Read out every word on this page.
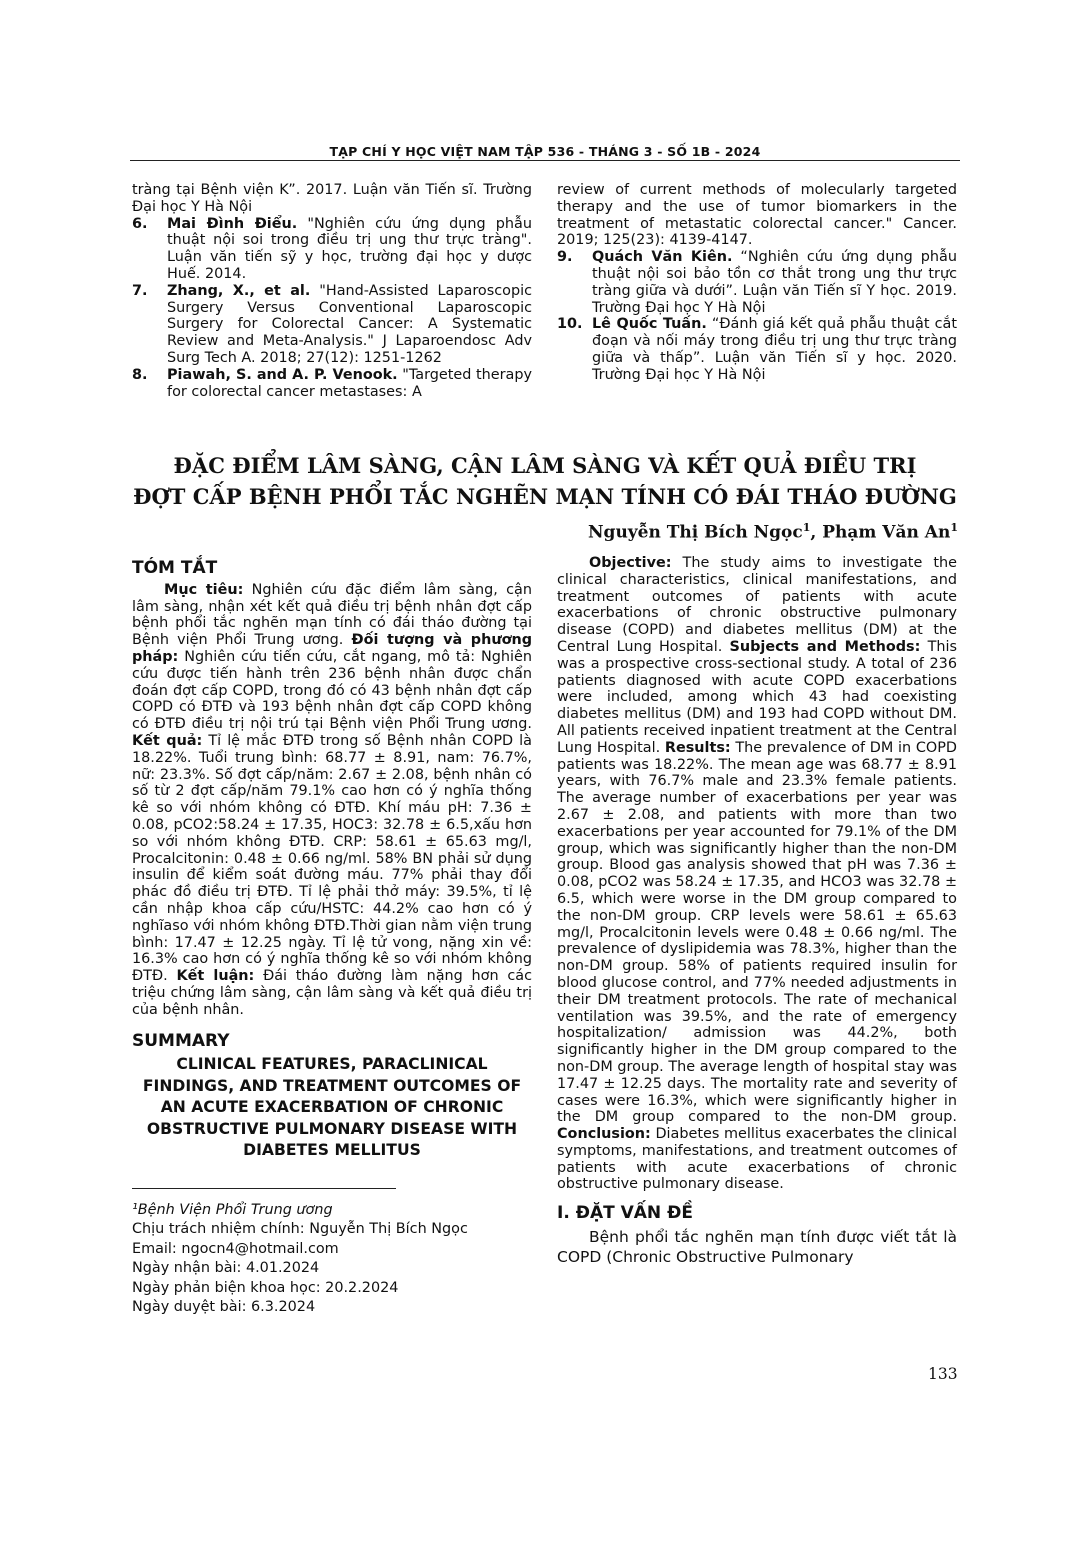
TẠP CHÍ Y HỌC VIỆT NAM TẬP 536 - THÁNG 3 - SỐ 1B - 2024

tràng tại Bệnh viện K”. 2017. Luận văn Tiến sĩ. Trường Đại học Y Hà Nội

6.	Mai Đình Điểu. "Nghiên cứu ứng dụng phẫu thuật nội soi trong điều trị ung thư trực tràng". Luận văn tiến sỹ y học, trường đại học y dược Huế. 2014.
7.	Zhang, X., et al. "Hand-Assisted Laparoscopic Surgery Versus Conventional Laparoscopic Surgery for Colorectal Cancer: A Systematic Review and Meta-Analysis." J Laparoendosc Adv Surg Tech A. 2018; 27(12): 1251-1262
8.	Piawah, S. and A. P. Venook. "Targeted therapy for colorectal cancer metastases: A

review of current methods of molecularly targeted therapy and the use of tumor biomarkers in the treatment of metastatic colorectal cancer." Cancer. 2019; 125(23): 4139-4147.

9.	Quách Văn Kiên. “Nghiên cứu ứng dụng phẫu thuật nội soi bảo tồn cơ thắt trong ung thư trực tràng giữa và dưới”. Luận văn Tiến sĩ Y học. 2019. Trường Đại học Y Hà Nội
10. Lê Quốc Tuấn. “Đánh giá kết quả phẫu thuật cắt đoạn và nối máy trong điều trị ung thư trực tràng giữa và thấp”. Luận văn Tiến sĩ y học. 2020. Trường Đại học Y Hà Nội
ĐẶC ĐIỂM LÂM SÀNG, CẬN LÂM SÀNG VÀ KẾT QUẢ ĐIỀU TRỊ
ĐỢT CẤP BỆNH PHỔI TẮC NGHẼN MẠN TÍNH CÓ ĐÁI THÁO ĐƯỜNG
Nguyễn Thị Bích Ngọc$^1$, Phạm Văn An$^1$
TÓM TẮT

Mục tiêu: Nghiên cứu đặc điểm lâm sàng, cận lâm sàng, nhận xét kết quả điều trị bệnh nhân đợt cấp bệnh phổi tắc nghẽn mạn tính có đái tháo đường tại Bệnh viện Phổi Trung ương. Đối tượng và phương pháp: Nghiên cứu tiến cứu, cắt ngang, mô tả: Nghiên cứu được tiến hành trên 236 bệnh nhân được chẩn đoán đợt cấp COPD, trong đó có 43 bệnh nhân đợt cấp COPD có ĐTĐ và 193 bệnh nhân đợt cấp COPD không có ĐTĐ điều trị nội trú tại Bệnh viện Phổi Trung ương. Kết quả: Tỉ lệ mắc ĐTĐ trong số Bệnh nhân COPD là 18.22%. Tuổi trung bình: 68.77 ± 8.91, nam: 76.7%, nữ: 23.3%. Số đợt cấp/năm: 2.67 ± 2.08, bệnh nhân có số từ 2 đợt cấp/năm 79.1% cao hơn có ý nghĩa thống kê so với nhóm không có ĐTĐ. Khí máu pH: 7.36 ± 0.08, pCO2:58.24 ± 17.35, HOC3: 32.78 ± 6.5,xấu hơn so với nhóm không ĐTĐ. CRP: 58.61 ± 65.63 mg/l, Procalcitonin: 0.48 ± 0.66 ng/ml. 58% BN phải sử dụng insulin để kiểm soát đường máu. 77% phải thay đổi phác đồ điều trị ĐTĐ. Tỉ lệ phải thở máy: 39.5%, tỉ lệ cần nhập khoa cấp cứu/HSTC: 44.2% cao hơn có ý nghĩaso với nhóm không ĐTĐ.Thời gian nằm viện trung bình: 17.47 ± 12.25 ngày. Tỉ lệ tử vong, nặng xin về: 16.3% cao hơn có ý nghĩa thống kê so với nhóm không ĐTĐ. Kết luận: Đái tháo đường làm nặng hơn các triệu chứng lâm sàng, cận lâm sàng và kết quả điều trị của bệnh nhân.

SUMMARY
CLINICAL FEATURES, PARACLINICAL FINDINGS, AND TREATMENT OUTCOMES OF AN ACUTE EXACERBATION OF CHRONIC OBSTRUCTIVE PULMONARY DISEASE WITH DIABETES MELLITUS

¹Bệnh Viện Phổi Trung ương

Chịu trách nhiệm chính: Nguyễn Thị Bích Ngọc

Email: ngocn4@hotmail.com

Ngày nhận bài: 4.01.2024

Ngày phản biện khoa học: 20.2.2024

Ngày duyệt bài: 6.3.2024

Objective: The study aims to investigate the clinical characteristics, clinical manifestations, and treatment outcomes of patients with acute exacerbations of chronic obstructive pulmonary disease (COPD) and diabetes mellitus (DM) at the Central Lung Hospital. Subjects and Methods: This was a prospective cross-sectional study. A total of 236 patients diagnosed with acute COPD exacerbations were included, among which 43 had coexisting diabetes mellitus (DM) and 193 had COPD without DM. All patients received inpatient treatment at the Central Lung Hospital. Results: The prevalence of DM in COPD patients was 18.22%. The mean age was 68.77 ± 8.91 years, with 76.7% male and 23.3% female patients. The average number of exacerbations per year was 2.67 ± 2.08, and patients with more than two exacerbations per year accounted for 79.1% of the DM group, which was significantly higher than the non-DM group. Blood gas analysis showed that pH was 7.36 ± 0.08, pCO2 was 58.24 ± 17.35, and HCO3 was 32.78 ± 6.5, which were worse in the DM group compared to the non-DM group. CRP levels were 58.61 ± 65.63 mg/l, Procalcitonin levels were 0.48 ± 0.66 ng/ml. The prevalence of dyslipidemia was 78.3%, higher than the non-DM group. 58% of patients required insulin for blood glucose control, and 77% needed adjustments in their DM treatment protocols. The rate of mechanical ventilation was 39.5%, and the rate of emergency hospitalization/ admission was 44.2%, both significantly higher in the DM group compared to the non-DM group. The average length of hospital stay was 17.47 ± 12.25 days. The mortality rate and severity of cases were 16.3%, which were significantly higher in the DM group compared to the non-DM group. Conclusion: Diabetes mellitus exacerbates the clinical symptoms, manifestations, and treatment outcomes of patients with acute exacerbations of chronic obstructive pulmonary disease.

I. ĐẶT VẤN ĐỀ

Bệnh phổi tắc nghẽn mạn tính được viết tắt là COPD (Chronic Obstructive Pulmonary

133
